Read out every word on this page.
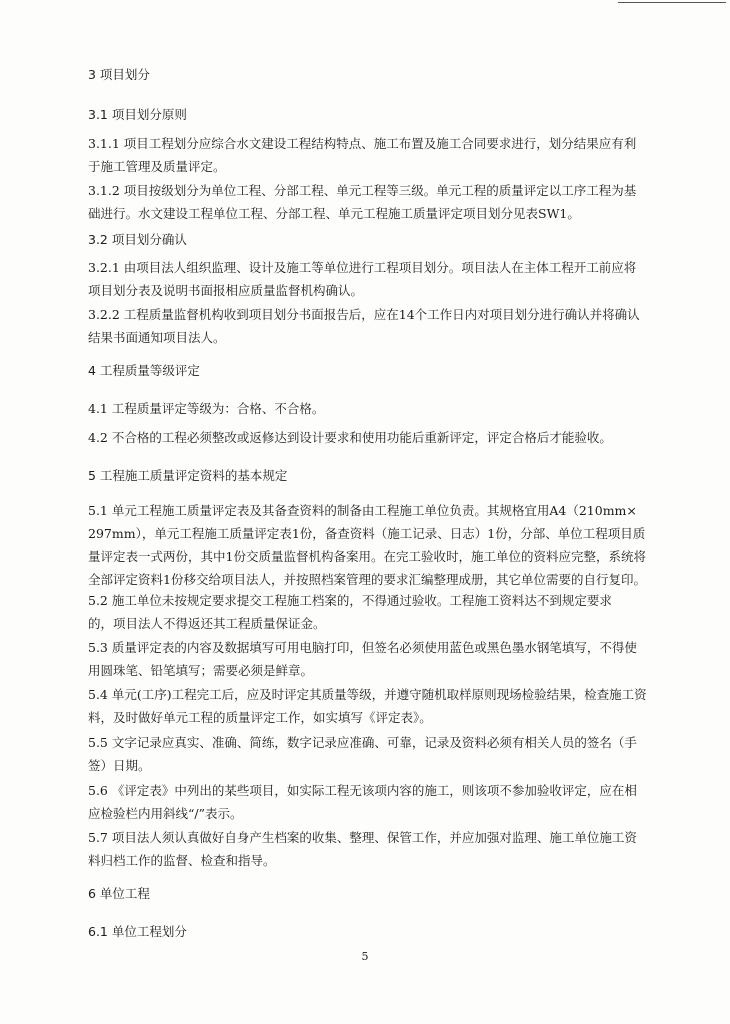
3 项目划分
3.1 项目划分原则
3.1.1 项目工程划分应综合水文建设工程结构特点、施工布置及施工合同要求进行，划分结果应有利
于施工管理及质量评定。
3.1.2 项目按级划分为单位工程、分部工程、单元工程等三级。单元工程的质量评定以工序工程为基
础进行。水文建设工程单位工程、分部工程、单元工程施工质量评定项目划分见表SW1。
3.2 项目划分确认
3.2.1 由项目法人组织监理、设计及施工等单位进行工程项目划分。项目法人在主体工程开工前应将
项目划分表及说明书面报相应质量监督机构确认。
3.2.2 工程质量监督机构收到项目划分书面报告后，应在14个工作日内对项目划分进行确认并将确认
结果书面通知项目法人。
4 工程质量等级评定
4.1 工程质量评定等级为：合格、不合格。
4.2 不合格的工程必须整改或返修达到设计要求和使用功能后重新评定，评定合格后才能验收。
5 工程施工质量评定资料的基本规定
5.1 单元工程施工质量评定表及其备查资料的制备由工程施工单位负责。其规格宜用A4（210mm×
297mm），单元工程施工质量评定表1份，备查资料（施工记录、日志）1份，分部、单位工程项目质
量评定表一式两份，其中1份交质量监督机构备案用。在完工验收时，施工单位的资料应完整，系统将
全部评定资料1份移交给项目法人，并按照档案管理的要求汇编整理成册，其它单位需要的自行复印。
5.2 施工单位未按规定要求提交工程施工档案的，不得通过验收。工程施工资料达不到规定要求
的，项目法人不得返还其工程质量保证金。
5.3 质量评定表的内容及数据填写可用电脑打印，但签名必须使用蓝色或黑色墨水钢笔填写，不得使
用圆珠笔、铅笔填写；需要必须是鲜章。
5.4 单元(工序)工程完工后，应及时评定其质量等级，并遵守随机取样原则现场检验结果，检查施工资
料，及时做好单元工程的质量评定工作，如实填写《评定表》。
5.5 文字记录应真实、准确、简练，数字记录应准确、可靠，记录及资料必须有相关人员的签名（手
签）日期。
5.6 《评定表》中列出的某些项目，如实际工程无该项内容的施工，则该项不参加验收评定，应在相
应检验栏内用斜线“/”表示。
5.7 项目法人须认真做好自身产生档案的收集、整理、保管工作，并应加强对监理、施工单位施工资
料归档工作的监督、检查和指导。
6 单位工程
6.1 单位工程划分
5
